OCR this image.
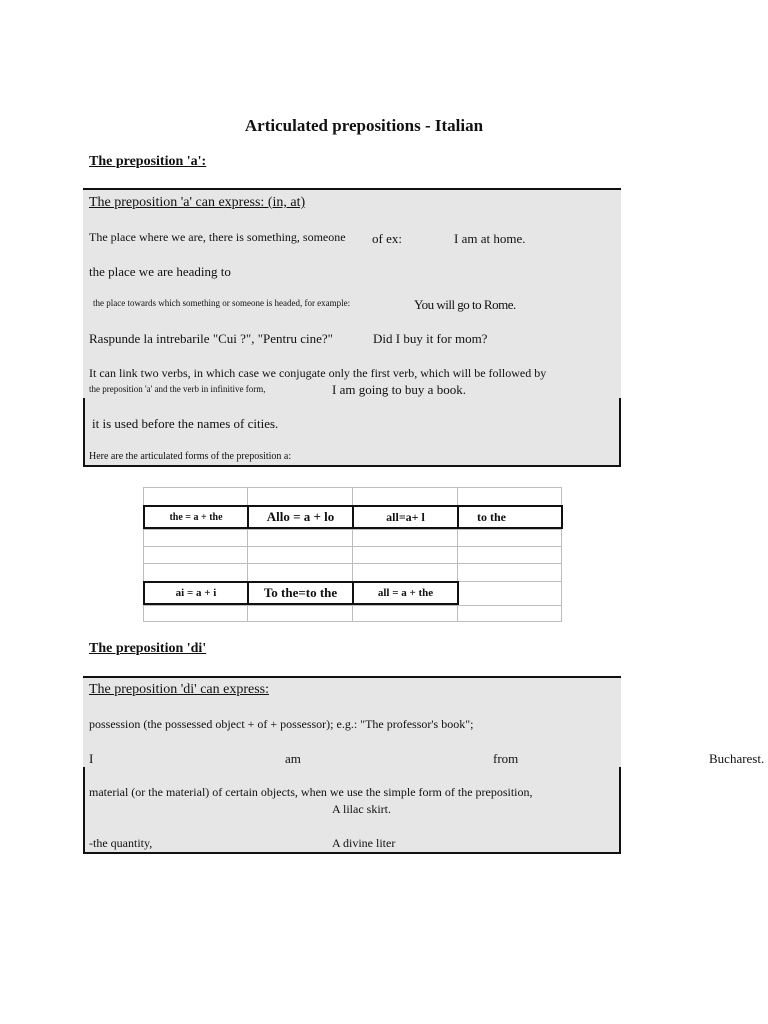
Articulated prepositions - Italian
The preposition 'a':
The preposition 'a' can express: (in, at)
The place where we are, there is something, someone of ex:	I am at home.
the place we are heading to
the place towards which something or someone is headed, for example:	You will go to Rome.
Raspunde la intrebarile "Cui ?", "Pentru cine?"	Did I buy it for mom?
It can link two verbs, in which case we conjugate only the first verb, which will be followed by
the preposition 'a' and the verb in infinitive form,	I am going to buy a book.
it is used before the names of cities.
Here are the articulated forms of the preposition a:
the = a + the	Allo = a + lo	all=a+ l	to the
ai = a + i	To the=to the	all = a + the
The preposition 'di'
The preposition 'di' can express:
possession (the possessed object + of + possessor); e.g.: "The professor's book";
I	am	from	Bucharest.
material (or the material) of certain objects, when we use the simple form of the preposition,
A lilac skirt.
-the quantity,	A divine liter
